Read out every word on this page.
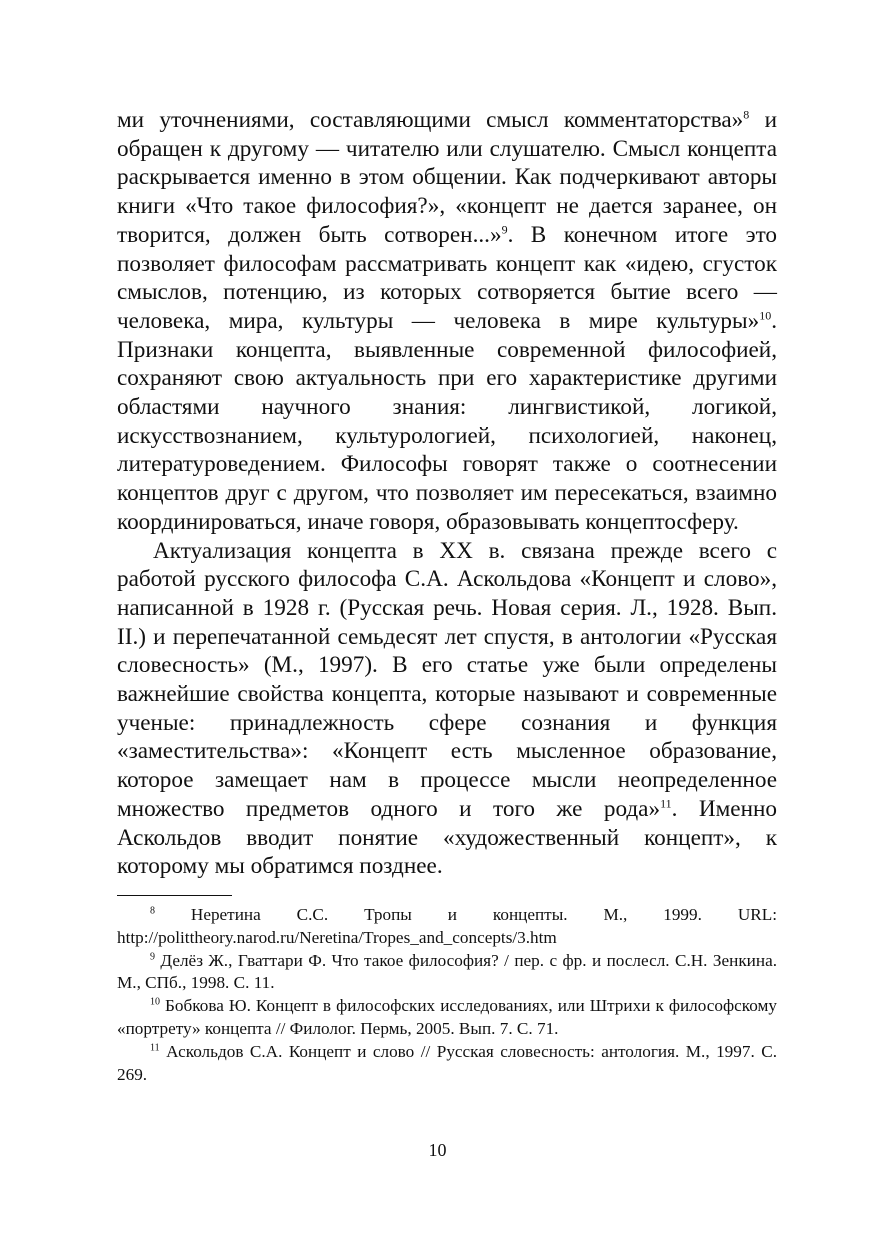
ми уточнениями, составляющими смысл комментаторства»$^8$ и обращен к другому — читателю или слушателю. Смысл концепта раскрывается именно в этом общении. Как подчеркивают авторы книги «Что такое философия?», «концепт не дается заранее, он творится, должен быть сотворен...»$^9$. В конечном итоге это позволяет философам рассматривать концепт как «идею, сгусток смыслов, потенцию, из которых сотворяется бытие всего — человека, мира, культуры — человека в мире культуры»$^{10}$. Признаки концепта, выявленные современной философией, сохраняют свою актуальность при его характеристике другими областями научного знания: лингвистикой, логикой, искусствознанием, культурологией, психологией, наконец, литературоведением. Философы говорят также о соотнесении концептов друг с другом, что позволяет им пересекаться, взаимно координироваться, иначе говоря, образовывать концептосферу.

Актуализация концепта в XX в. связана прежде всего с работой русского философа С.А. Аскольдова «Концепт и слово», написанной в 1928 г. (Русская речь. Новая серия. Л., 1928. Вып. II.) и перепечатанной семьдесят лет спустя, в антологии «Русская словесность» (М., 1997). В его статье уже были определены важнейшие свойства концепта, которые называют и современные ученые: принадлежность сфере сознания и функция «заместительства»: «Концепт есть мысленное образование, которое замещает нам в процессе мысли неопределенное множество предметов одного и того же рода»$^{11}$. Именно Аскольдов вводит понятие «художественный концепт», к которому мы обратимся позднее.

$^8$ Неретина С.С. Тропы и концепты. М., 1999. URL: http://polittheory.narod.ru/Neretina/Tropes_and_concepts/3.htm

$^9$ Делёз Ж., Гваттари Ф. Что такое философия? / пер. с фр. и послесл. С.Н. Зенкина. М., СПб., 1998. С. 11.

$^{10}$ Бобкова Ю. Концепт в философских исследованиях, или Штрихи к философскому «портрету» концепта // Филолог. Пермь, 2005. Вып. 7. С. 71.

$^{11}$ Аскольдов С.А. Концепт и слово // Русская словесность: антология. М., 1997. С. 269.

10
